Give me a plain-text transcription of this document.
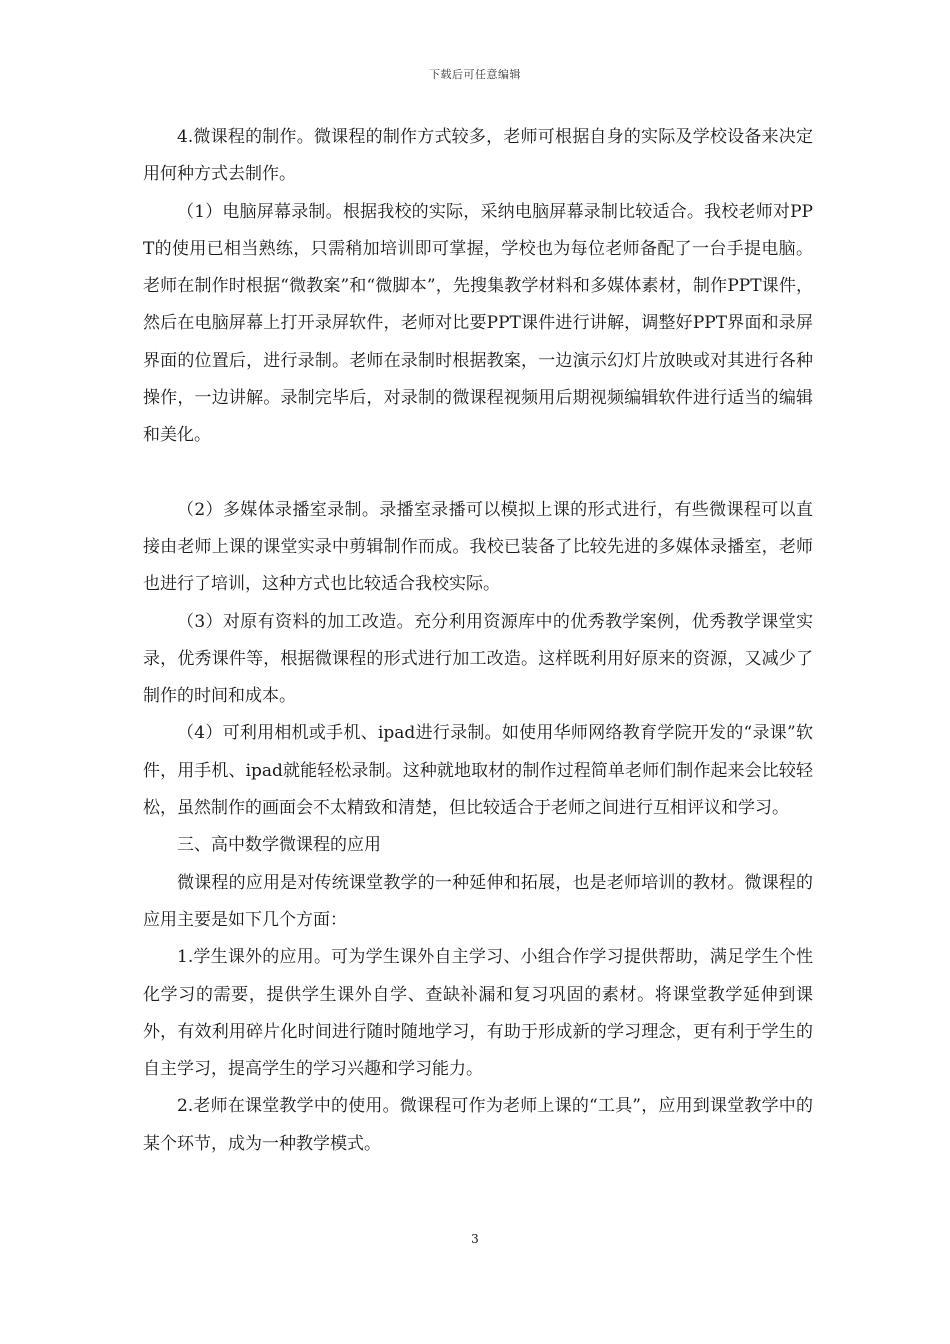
下载后可任意编辑

4.微课程的制作。微课程的制作方式较多，老师可根据自身的实际及学校设备来决定用何种方式去制作。

（1）电脑屏幕录制。根据我校的实际，采纳电脑屏幕录制比较适合。我校老师对PPT的使用已相当熟练，只需稍加培训即可掌握，学校也为每位老师备配了一台手提电脑。老师在制作时根据“微教案”和“微脚本”，先搜集教学材料和多媒体素材，制作PPT课件，然后在电脑屏幕上打开录屏软件，老师对比要PPT课件进行讲解，调整好PPT界面和录屏界面的位置后，进行录制。老师在录制时根据教案，一边演示幻灯片放映或对其进行各种操作，一边讲解。录制完毕后，对录制的微课程视频用后期视频编辑软件进行适当的编辑和美化。

（2）多媒体录播室录制。录播室录播可以模拟上课的形式进行，有些微课程可以直接由老师上课的课堂实录中剪辑制作而成。我校已装备了比较先进的多媒体录播室，老师也进行了培训，这种方式也比较适合我校实际。

（3）对原有资料的加工改造。充分利用资源库中的优秀教学案例，优秀教学课堂实录，优秀课件等，根据微课程的形式进行加工改造。这样既利用好原来的资源，又减少了制作的时间和成本。

（4）可利用相机或手机、ipad进行录制。如使用华师网络教育学院开发的“录课”软件，用手机、ipad就能轻松录制。这种就地取材的制作过程简单老师们制作起来会比较轻松，虽然制作的画面会不太精致和清楚，但比较适合于老师之间进行互相评议和学习。

三、高中数学微课程的应用

微课程的应用是对传统课堂教学的一种延伸和拓展，也是老师培训的教材。微课程的应用主要是如下几个方面：

1.学生课外的应用。可为学生课外自主学习、小组合作学习提供帮助，满足学生个性化学习的需要，提供学生课外自学、查缺补漏和复习巩固的素材。将课堂教学延伸到课外，有效利用碎片化时间进行随时随地学习，有助于形成新的学习理念，更有利于学生的自主学习，提高学生的学习兴趣和学习能力。

2.老师在课堂教学中的使用。微课程可作为老师上课的“工具”，应用到课堂教学中的某个环节，成为一种教学模式。

3
